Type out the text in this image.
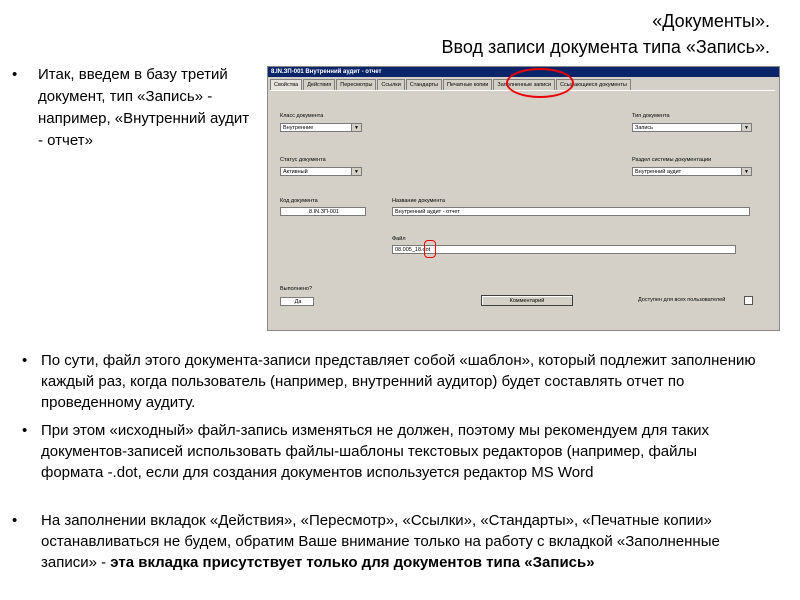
«Документы».
Ввод записи документа типа «Запись».
•	Итак, введем в базу третий документ, тип «Запись» - например, «Внутренний аудит - отчет»
8.IN.ЗП-001 Внутренний аудит - отчет
Свойства	Действия	Пересмотры	Ссылки	Стандарты	Печатные копии	Заполненные записи	Ссылающиеся документы
Класс документа
Внутренние	▼
Тип документа
Запись	▼
Статус документа
Активный	▼
Раздел системы документации
Внутренний аудит	▼
Код документа
8.IN.ЗП-001
Название документа
Внутренний аудит - отчет
Файл
08.005_18.dot
Выполнено?
Да	Комментарий	Доступен для всех пользователей
• По сути, файл этого документа-записи представляет собой «шаблон», который подлежит заполнению каждый раз, когда пользователь (например, внутренний аудитор) будет составлять отчет по проведенному аудиту.
• При этом «исходный» файл-запись изменяться не должен, поэтому мы рекомендуем для таких документов-записей использовать файлы-шаблоны текстовых редакторов (например, файлы формата -.dot, если для создания документов используется редактор MS Word
•	На заполнении вкладок «Действия», «Пересмотр», «Ссылки», «Стандарты», «Печатные копии» останавливаться не будем, обратим Ваше внимание только на работу с вкладкой «Заполненные записи» - эта вкладка присутствует только для документов типа «Запись»
